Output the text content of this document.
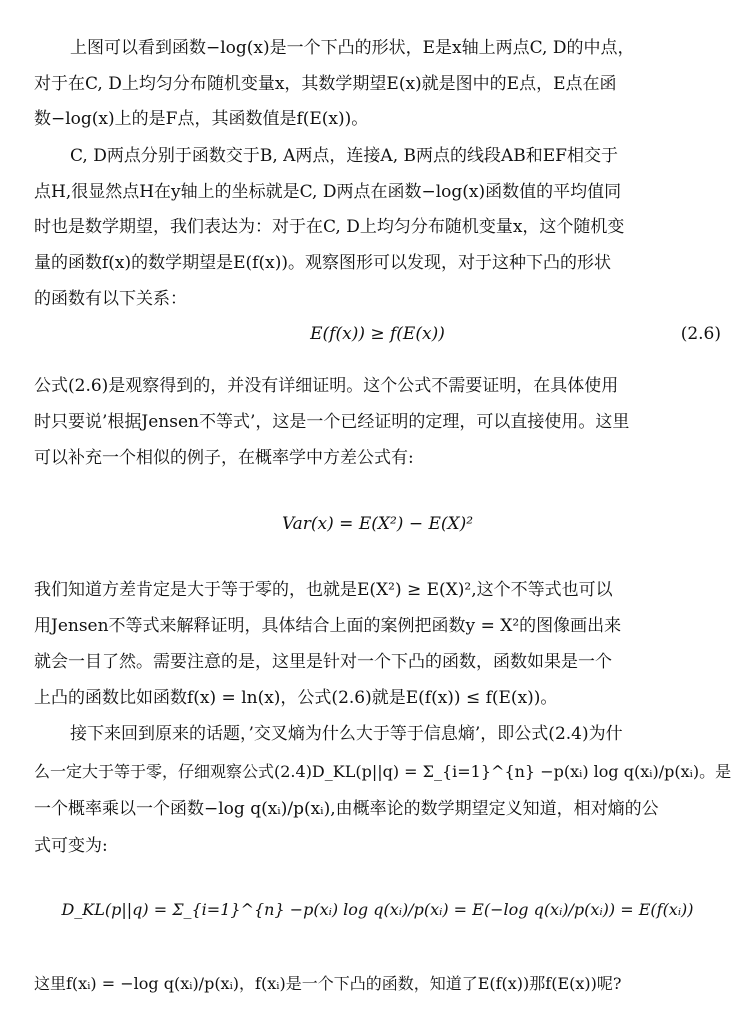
上图可以看到函数−log(x)是一个下凸的形状，E是x轴上两点C, D的中点，
对于在C, D上均匀分布随机变量x，其数学期望E(x)就是图中的E点，E点在函
数−log(x)上的是F点，其函数值是f(E(x))。
C, D两点分别于函数交于B, A两点，连接A, B两点的线段AB和EF相交于
点H,很显然点H在y轴上的坐标就是C, D两点在函数−log(x)函数值的平均值同
时也是数学期望，我们表达为：对于在C, D上均匀分布随机变量x，这个随机变
量的函数f(x)的数学期望是E(f(x))。观察图形可以发现，对于这种下凸的形状
的函数有以下关系：
E(f(x)) ≥ f(E(x))	(2.6)
公式(2.6)是观察得到的，并没有详细证明。这个公式不需要证明，在具体使用
时只要说’根据Jensen不等式’，这是一个已经证明的定理，可以直接使用。这里
可以补充一个相似的例子，在概率学中方差公式有:
Var(x) = E(X²) − E(X)²
我们知道方差肯定是大于等于零的，也就是E(X²) ≥ E(X)²,这个不等式也可以
用Jensen不等式来解释证明，具体结合上面的案例把函数y = X²的图像画出来
就会一目了然。需要注意的是，这里是针对一个下凸的函数，函数如果是一个
上凸的函数比如函数f(x) = ln(x)，公式(2.6)就是E(f(x)) ≤ f(E(x))。
接下来回到原来的话题，’交叉熵为什么大于等于信息熵’，即公式(2.4)为什
么一定大于等于零，仔细观察公式(2.4)D_KL(p||q) = Σ_{i=1}^{n} −p(xᵢ) log q(xᵢ)/p(xᵢ)。是
一个概率乘以一个函数−log q(xᵢ)/p(xᵢ),由概率论的数学期望定义知道，相对熵的公
式可变为:
D_KL(p||q) = Σ_{i=1}^{n} −p(xᵢ) log q(xᵢ)/p(xᵢ) = E(−log q(xᵢ)/p(xᵢ)) = E(f(xᵢ))
这里f(xᵢ) = −log q(xᵢ)/p(xᵢ)，f(xᵢ)是一个下凸的函数，知道了E(f(x))那f(E(x))呢?
